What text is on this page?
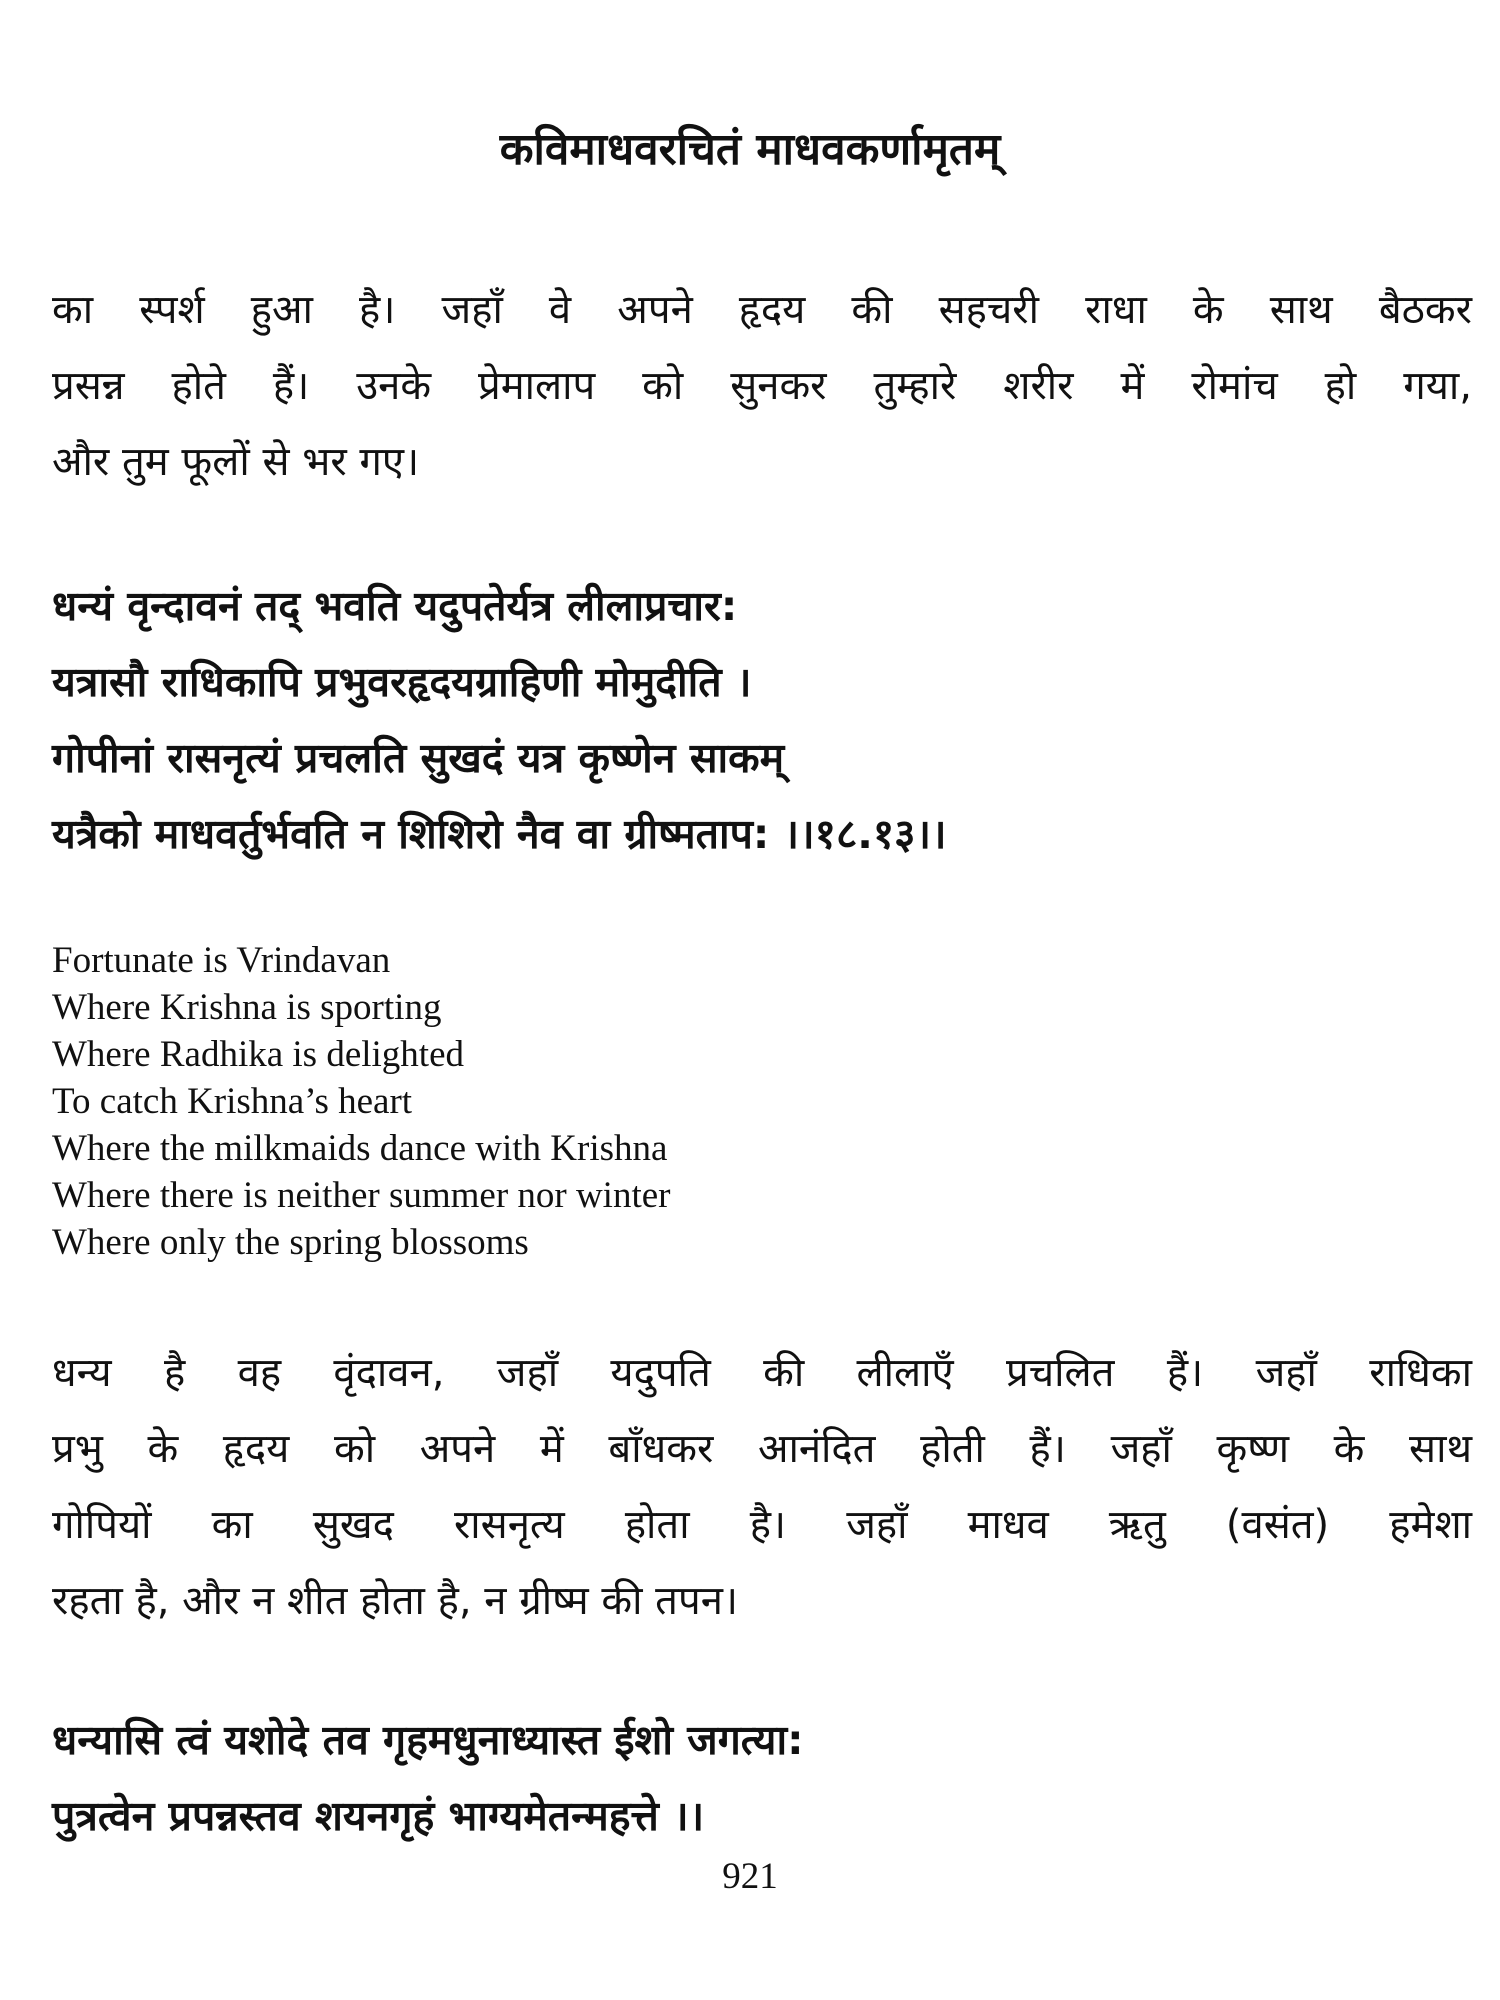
कविमाधवरचितं माधवकर्णामृतम्

का स्पर्श हुआ है। जहाँ वे अपने हृदय की सहचरी राधा के साथ बैठकर

प्रसन्न होते हैं। उनके प्रेमालाप को सुनकर तुम्हारे शरीर में रोमांच हो गया,

और तुम फूलों से भर गए।

धन्यं वृन्दावनं तद् भवति यदुपतेर्यत्र लीलाप्रचार:

यत्रासौ राधिकापि प्रभुवरहृदयग्राहिणी मोमुदीति ।

गोपीनां रासनृत्यं प्रचलति सुखदं यत्र कृष्णेन साकम्

यत्रैको माधवर्तुर्भवति न शिशिरो नैव वा ग्रीष्मताप: ।।१८.१३।।

Fortunate is Vrindavan

Where Krishna is sporting

Where Radhika is delighted

To catch Krishna’s heart

Where the milkmaids dance with Krishna

Where there is neither summer nor winter

Where only the spring blossoms

धन्य है वह वृंदावन, जहाँ यदुपति की लीलाएँ प्रचलित हैं। जहाँ राधिका

प्रभु के हृदय को अपने में बाँधकर आनंदित होती हैं। जहाँ कृष्ण के साथ

गोपियों का सुखद रासनृत्य होता है। जहाँ माधव ऋतु (वसंत) हमेशा

रहता है, और न शीत होता है, न ग्रीष्म की तपन।

धन्यासि त्वं यशोदे तव गृहमधुनाध्यास्त ईशो जगत्या:

पुत्रत्वेन प्रपन्नस्तव शयनगृहं भाग्यमेतन्महत्ते ।।

921
